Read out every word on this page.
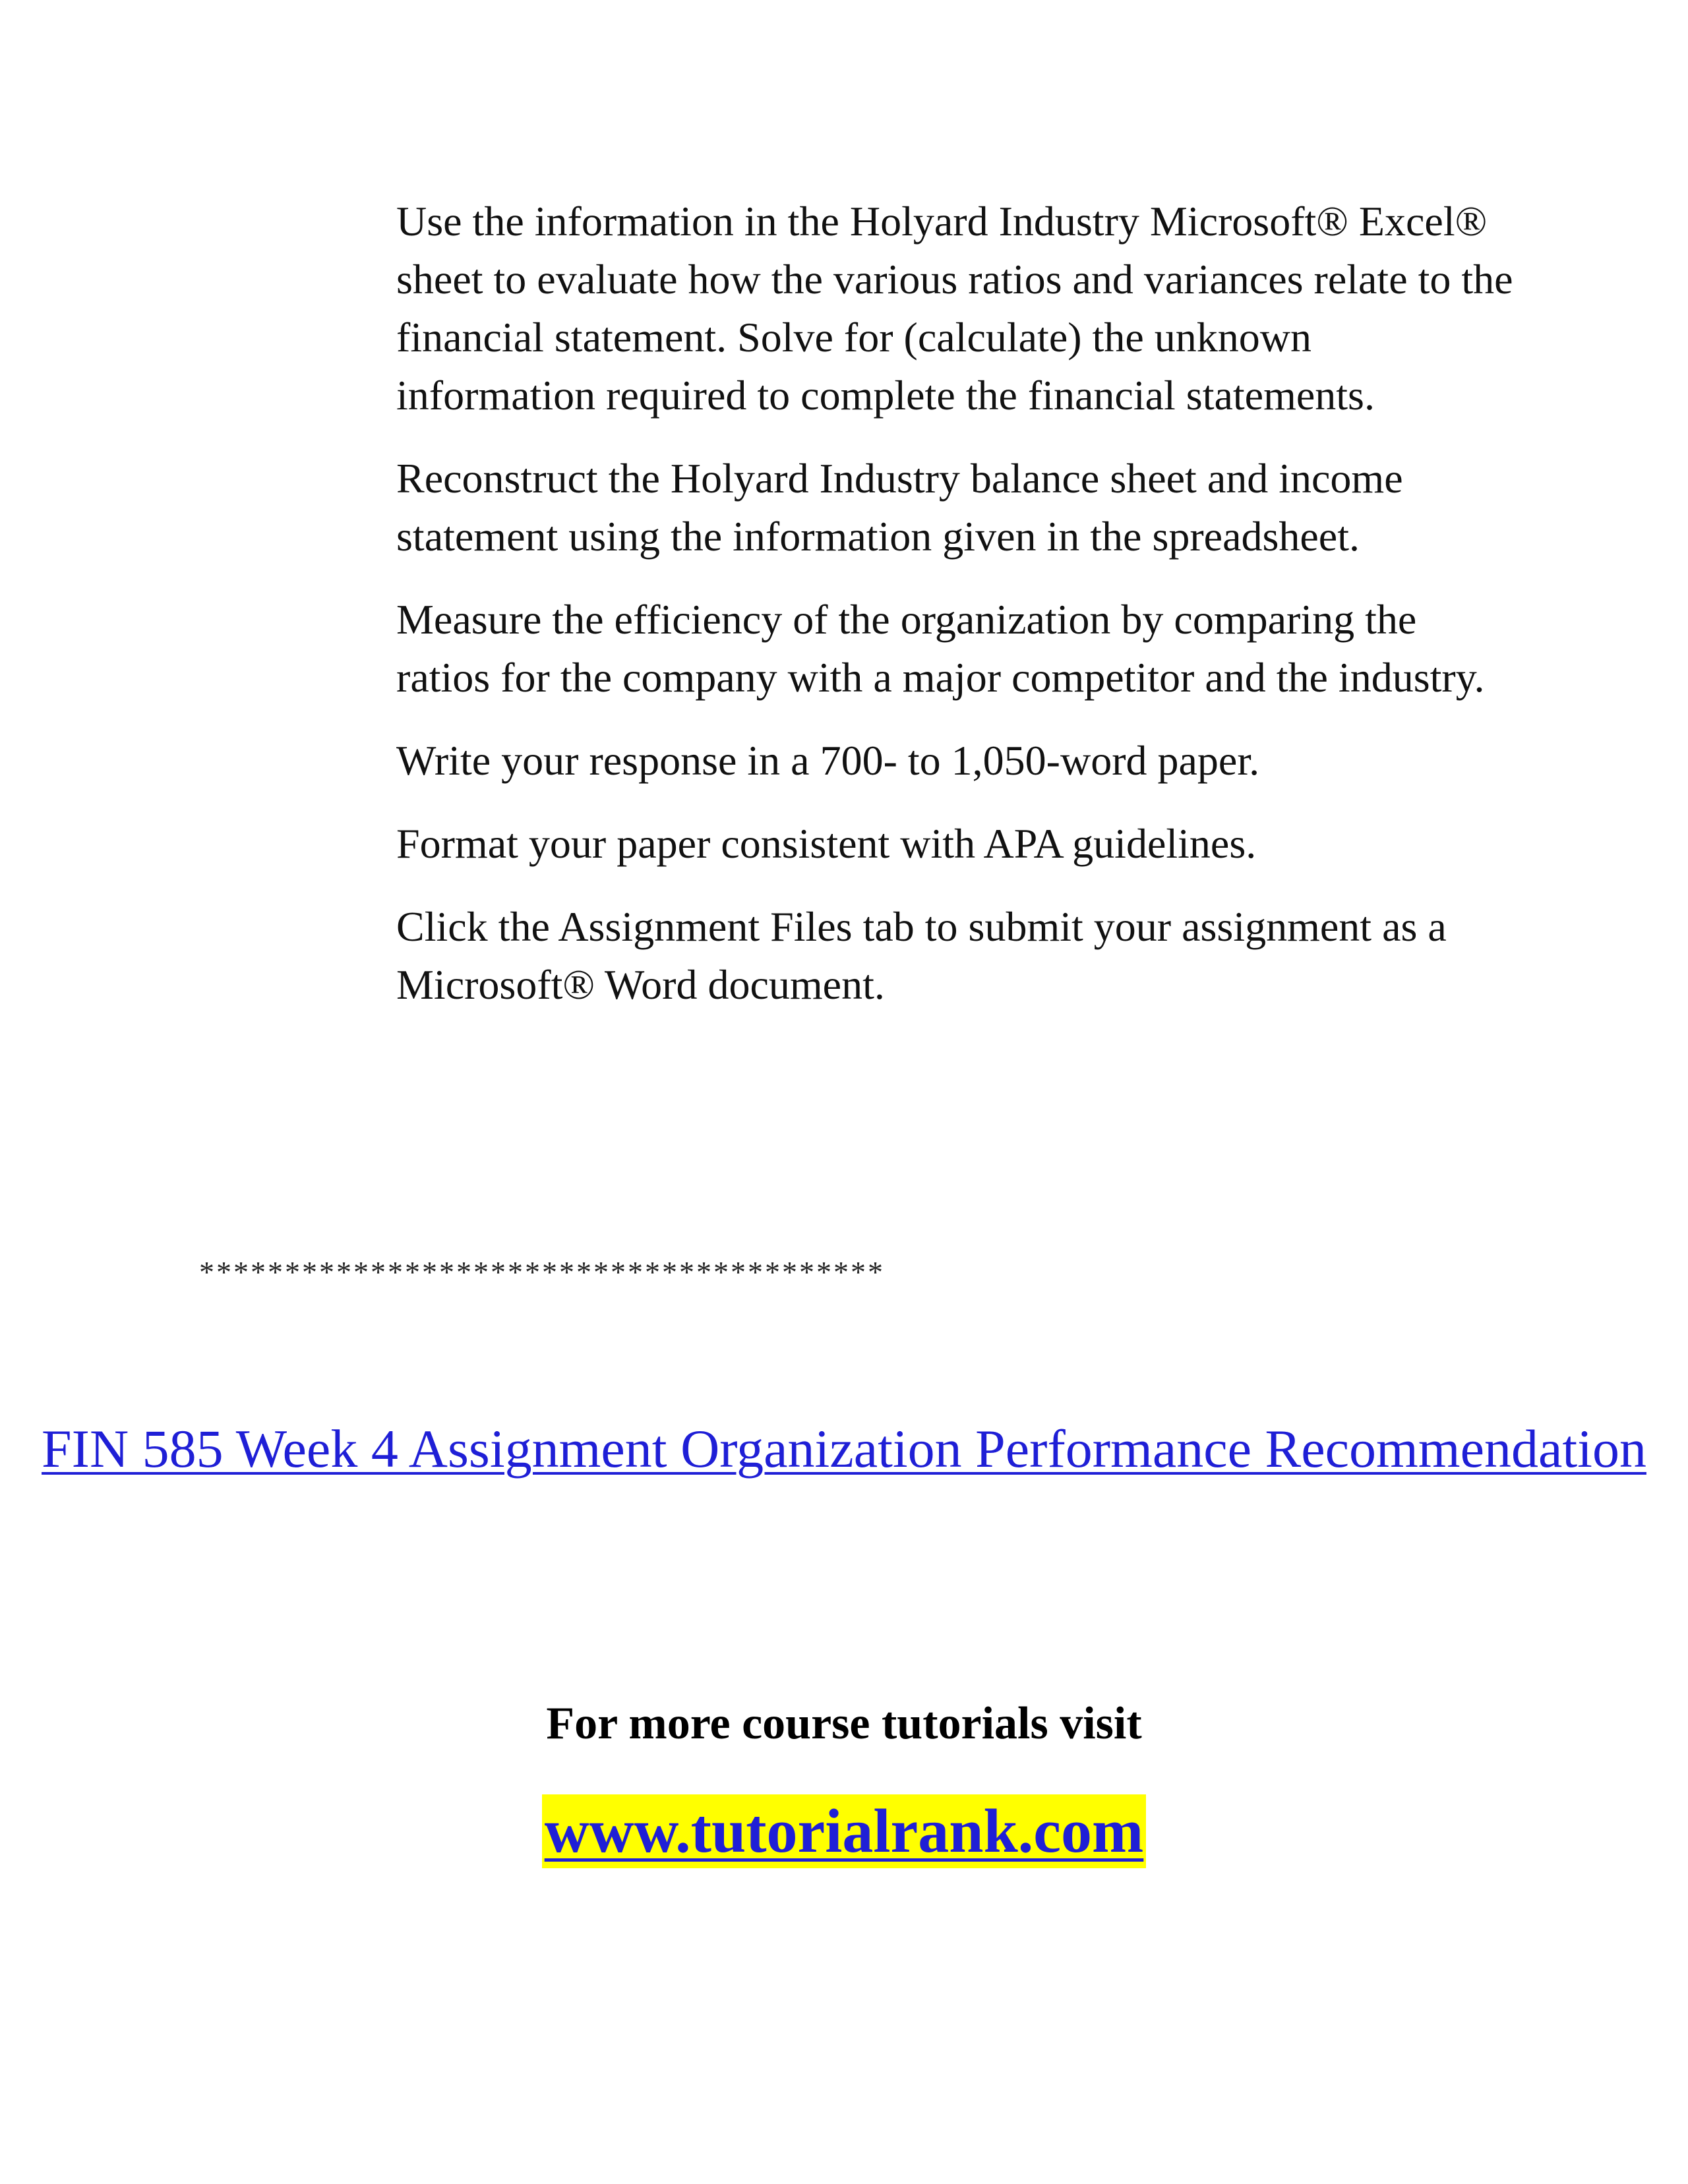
Use the information in the Holyard Industry Microsoft® Excel® sheet to evaluate how the various ratios and variances relate to the financial statement. Solve for (calculate) the unknown information required to complete the financial statements.

Reconstruct the Holyard Industry balance sheet and income statement using the information given in the spreadsheet.

Measure the efficiency of the organization by comparing the ratios for the company with a major competitor and the industry.

Write your response in a 700- to 1,050-word paper.

Format your paper consistent with APA guidelines.

Click the Assignment Files tab to submit your assignment as a Microsoft® Word document.

****************************************
FIN 585 Week 4 Assignment Organization Performance Recommendation
For more course tutorials visit
www.tutorialrank.com
